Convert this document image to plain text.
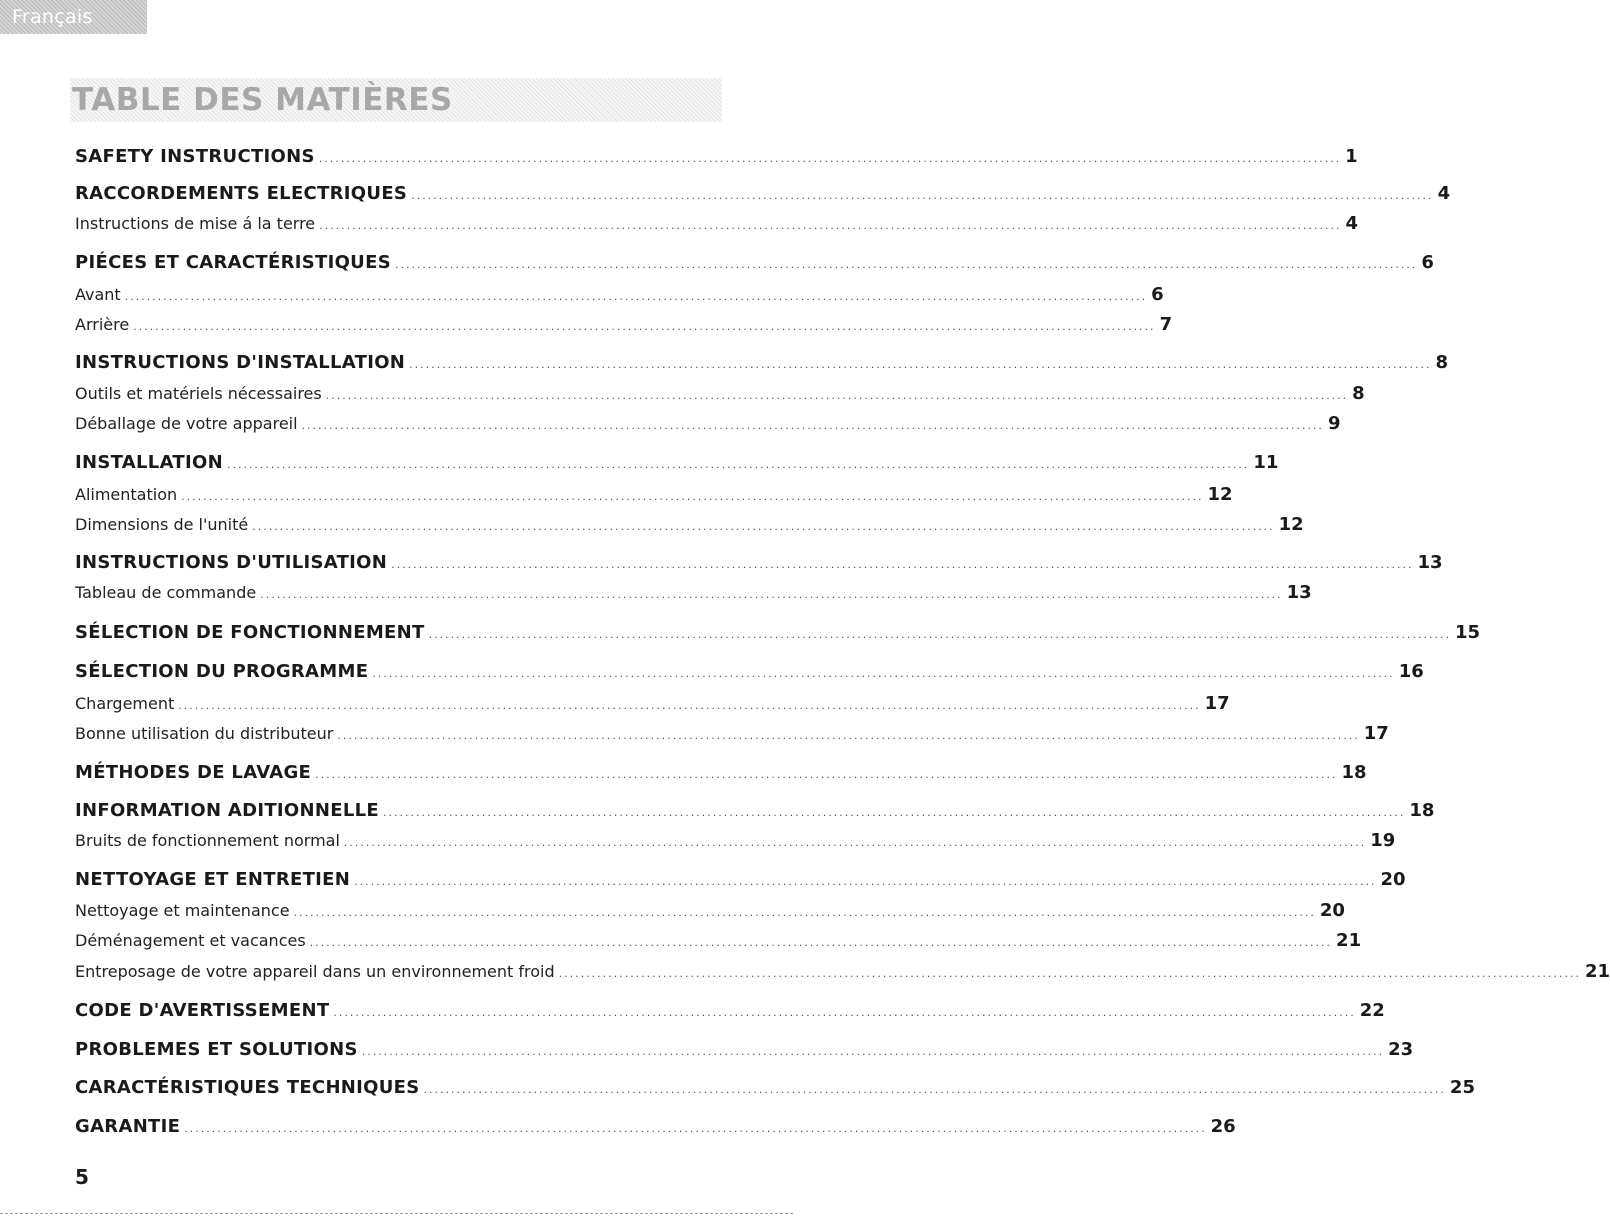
Français
TABLE DES MATIÈRES
SAFETY INSTRUCTIONS .......................................................................................................................................................................................... 1
RACCORDEMENTS ELECTRIQUES .......................................................................................................................................................................................... 4
Instructions de mise á la terre .......................................................................................................................................................................................... 4
PIÉCES ET CARACTÉRISTIQUES .......................................................................................................................................................................................... 6
Avant .......................................................................................................................................................................................... 6
Arrière .......................................................................................................................................................................................... 7
INSTRUCTIONS D'INSTALLATION .......................................................................................................................................................................................... 8
Outils et matériels nécessaires .......................................................................................................................................................................................... 8
Déballage de votre appareil .......................................................................................................................................................................................... 9
INSTALLATION .......................................................................................................................................................................................... 11
Alimentation .......................................................................................................................................................................................... 12
Dimensions de l'unité .......................................................................................................................................................................................... 12
INSTRUCTIONS D'UTILISATION .......................................................................................................................................................................................... 13
Tableau de commande .......................................................................................................................................................................................... 13
SÉLECTION DE FONCTIONNEMENT .......................................................................................................................................................................................... 15
SÉLECTION DU PROGRAMME .......................................................................................................................................................................................... 16
Chargement .......................................................................................................................................................................................... 17
Bonne utilisation du distributeur .......................................................................................................................................................................................... 17
MÉTHODES DE LAVAGE .......................................................................................................................................................................................... 18
INFORMATION ADITIONNELLE .......................................................................................................................................................................................... 18
Bruits de fonctionnement normal .......................................................................................................................................................................................... 19
NETTOYAGE ET ENTRETIEN .......................................................................................................................................................................................... 20
Nettoyage et maintenance .......................................................................................................................................................................................... 20
Déménagement et vacances .......................................................................................................................................................................................... 21
Entreposage de votre appareil dans un environnement froid .......................................................................................................................................................................................... 21
CODE D'AVERTISSEMENT .......................................................................................................................................................................................... 22
PROBLEMES ET SOLUTIONS .......................................................................................................................................................................................... 23
CARACTÉRISTIQUES TECHNIQUES .......................................................................................................................................................................................... 25
GARANTIE .......................................................................................................................................................................................... 26
5
